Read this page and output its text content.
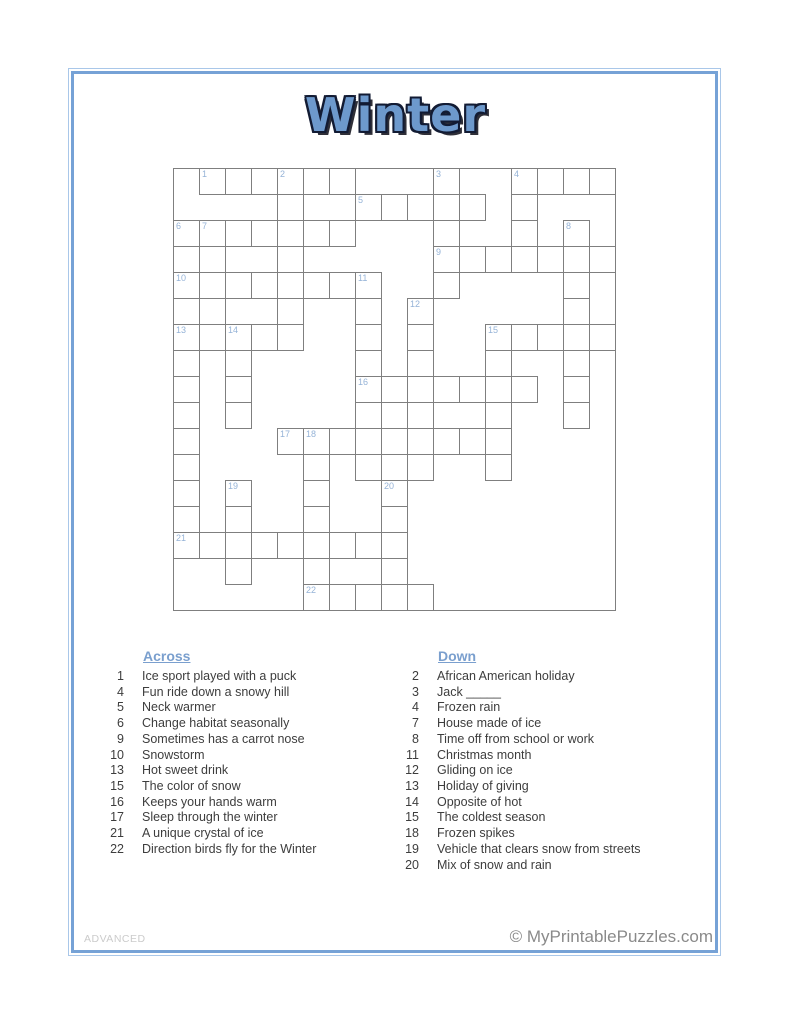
Winter
1	2	3	4
5
6 7	8
9
10	11
12
13	14	15
16
17 18
19	20
21
22
Across
1 Ice sport played with a puck
4 Fun ride down a snowy hill
5 Neck warmer
6 Change habitat seasonally
9 Sometimes has a carrot nose
10 Snowstorm
13 Hot sweet drink
15 The color of snow
16 Keeps your hands warm
17 Sleep through the winter
21 A unique crystal of ice
22 Direction birds fly for the Winter
Down
2 African American holiday
3 Jack _____
4 Frozen rain
7 House made of ice
8 Time off from school or work
11 Christmas month
12 Gliding on ice
13 Holiday of giving
14 Opposite of hot
15 The coldest season
18 Frozen spikes
19 Vehicle that clears snow from streets
20 Mix of snow and rain
ADVANCED	© MyPrintablePuzzles.com
